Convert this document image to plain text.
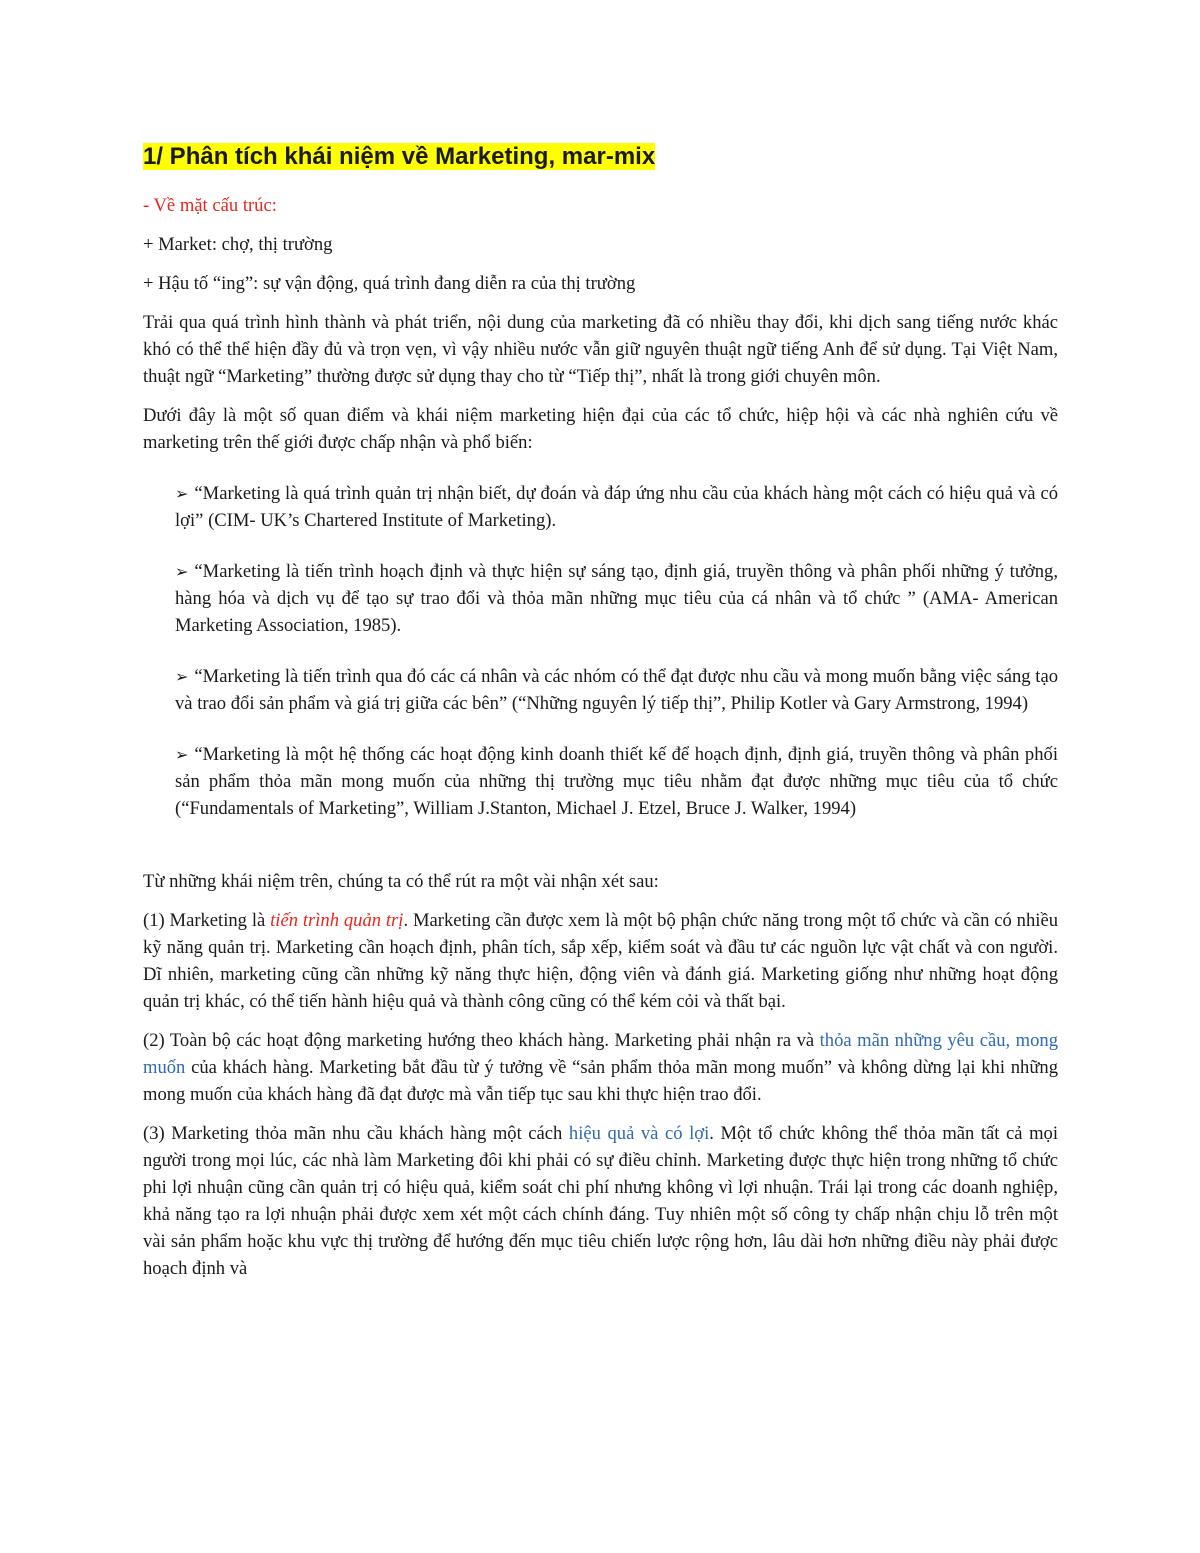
1/ Phân tích khái niệm về Marketing, mar-mix

- Về mặt cấu trúc:

+ Market: chợ, thị trường

+ Hậu tố “ing”: sự vận động, quá trình đang diễn ra của thị trường

Trải qua quá trình hình thành và phát triển, nội dung của marketing đã có nhiều thay đổi, khi dịch sang tiếng nước khác khó có thể thể hiện đầy đủ và trọn vẹn, vì vậy nhiều nước vẫn giữ nguyên thuật ngữ tiếng Anh để sử dụng. Tại Việt Nam, thuật ngữ “Marketing” thường được sử dụng thay cho từ “Tiếp thị”, nhất là trong giới chuyên môn.

Dưới đây là một số quan điểm và khái niệm marketing hiện đại của các tổ chức, hiệp hội và các nhà nghiên cứu về marketing trên thế giới được chấp nhận và phổ biến:

➢ “Marketing là quá trình quản trị nhận biết, dự đoán và đáp ứng nhu cầu của khách hàng một cách có hiệu quả và có lợi” (CIM- UK’s Chartered Institute of Marketing).
➢ “Marketing là tiến trình hoạch định và thực hiện sự sáng tạo, định giá, truyền thông và phân phối những ý tưởng, hàng hóa và dịch vụ để tạo sự trao đổi và thỏa mãn những mục tiêu của cá nhân và tổ chức ” (AMA- American Marketing Association, 1985).
➢ “Marketing là tiến trình qua đó các cá nhân và các nhóm có thể đạt được nhu cầu và mong muốn bằng việc sáng tạo và trao đổi sản phẩm và giá trị giữa các bên” (“Những nguyên lý tiếp thị”, Philip Kotler và Gary Armstrong, 1994)
➢ “Marketing là một hệ thống các hoạt động kinh doanh thiết kế để hoạch định, định giá, truyền thông và phân phối sản phẩm thỏa mãn mong muốn của những thị trường mục tiêu nhằm đạt được những mục tiêu của tổ chức (“Fundamentals of Marketing”, William J.Stanton, Michael J. Etzel, Bruce J. Walker, 1994)

Từ những khái niệm trên, chúng ta có thể rút ra một vài nhận xét sau:

(1) Marketing là tiến trình quản trị. Marketing cần được xem là một bộ phận chức năng trong một tổ chức và cần có nhiều kỹ năng quản trị. Marketing cần hoạch định, phân tích, sắp xếp, kiểm soát và đầu tư các nguồn lực vật chất và con người. Dĩ nhiên, marketing cũng cần những kỹ năng thực hiện, động viên và đánh giá. Marketing giống như những hoạt động quản trị khác, có thể tiến hành hiệu quả và thành công cũng có thể kém cỏi và thất bại.

(2) Toàn bộ các hoạt động marketing hướng theo khách hàng. Marketing phải nhận ra và thỏa mãn những yêu cầu, mong muốn của khách hàng. Marketing bắt đầu từ ý tưởng về “sản phẩm thỏa mãn mong muốn” và không dừng lại khi những mong muốn của khách hàng đã đạt được mà vẫn tiếp tục sau khi thực hiện trao đổi.

(3) Marketing thỏa mãn nhu cầu khách hàng một cách hiệu quả và có lợi. Một tổ chức không thể thỏa mãn tất cả mọi người trong mọi lúc, các nhà làm Marketing đôi khi phải có sự điều chỉnh. Marketing được thực hiện trong những tổ chức phi lợi nhuận cũng cần quản trị có hiệu quả, kiểm soát chi phí nhưng không vì lợi nhuận. Trái lại trong các doanh nghiệp, khả năng tạo ra lợi nhuận phải được xem xét một cách chính đáng. Tuy nhiên một số công ty chấp nhận chịu lỗ trên một vài sản phẩm hoặc khu vực thị trường để hướng đến mục tiêu chiến lược rộng hơn, lâu dài hơn những điều này phải được hoạch định và
